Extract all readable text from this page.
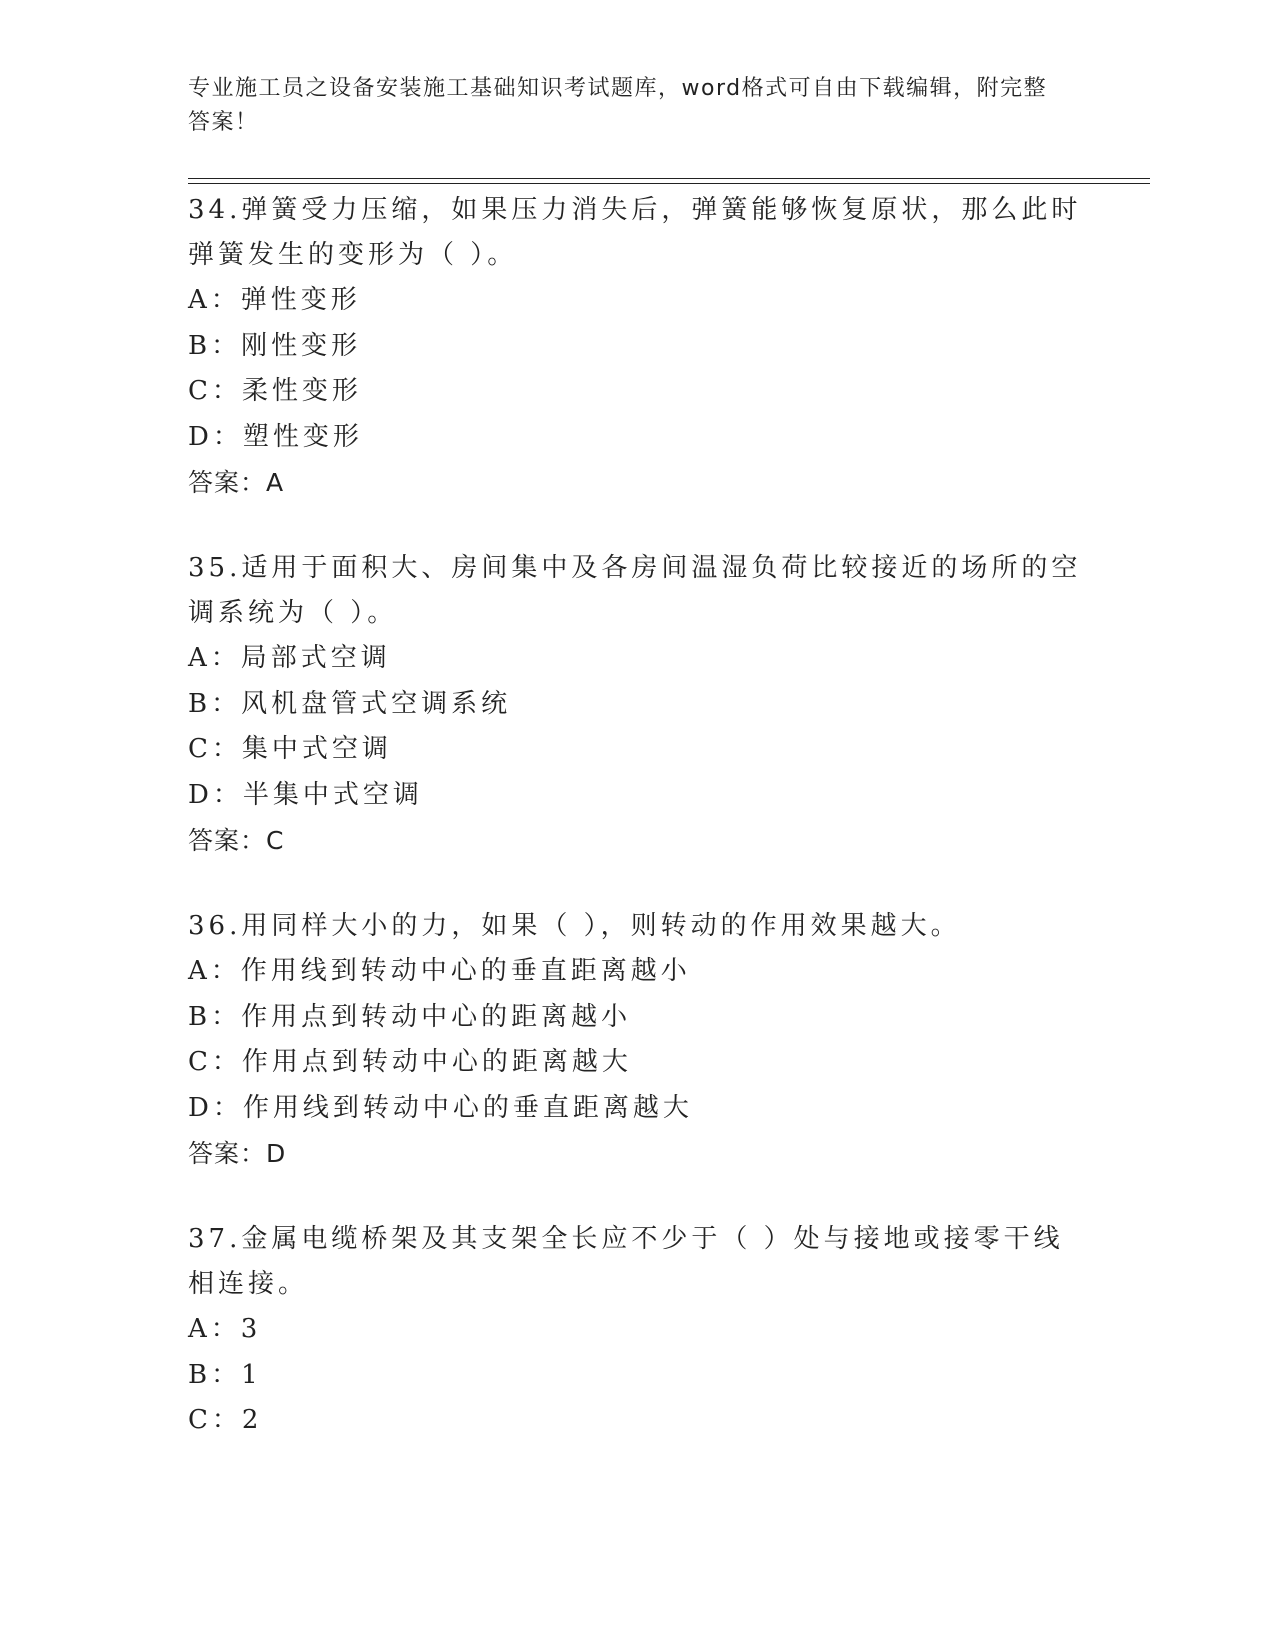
专业施工员之设备安装施工基础知识考试题库，word格式可自由下载编辑，附完整答案！

34.弹簧受力压缩，如果压力消失后，弹簧能够恢复原状，那么此时弹簧发生的变形为（ ）。

A：弹性变形

B：刚性变形

C：柔性变形

D：塑性变形

答案：A

35.适用于面积大、房间集中及各房间温湿负荷比较接近的场所的空调系统为（ ）。

A：局部式空调

B：风机盘管式空调系统

C：集中式空调

D：半集中式空调

答案：C

36.用同样大小的力，如果（ ），则转动的作用效果越大。

A：作用线到转动中心的垂直距离越小

B：作用点到转动中心的距离越小

C：作用点到转动中心的距离越大

D：作用线到转动中心的垂直距离越大

答案：D

37.金属电缆桥架及其支架全长应不少于（ ）处与接地或接零干线相连接。

A：3

B：1

C：2
